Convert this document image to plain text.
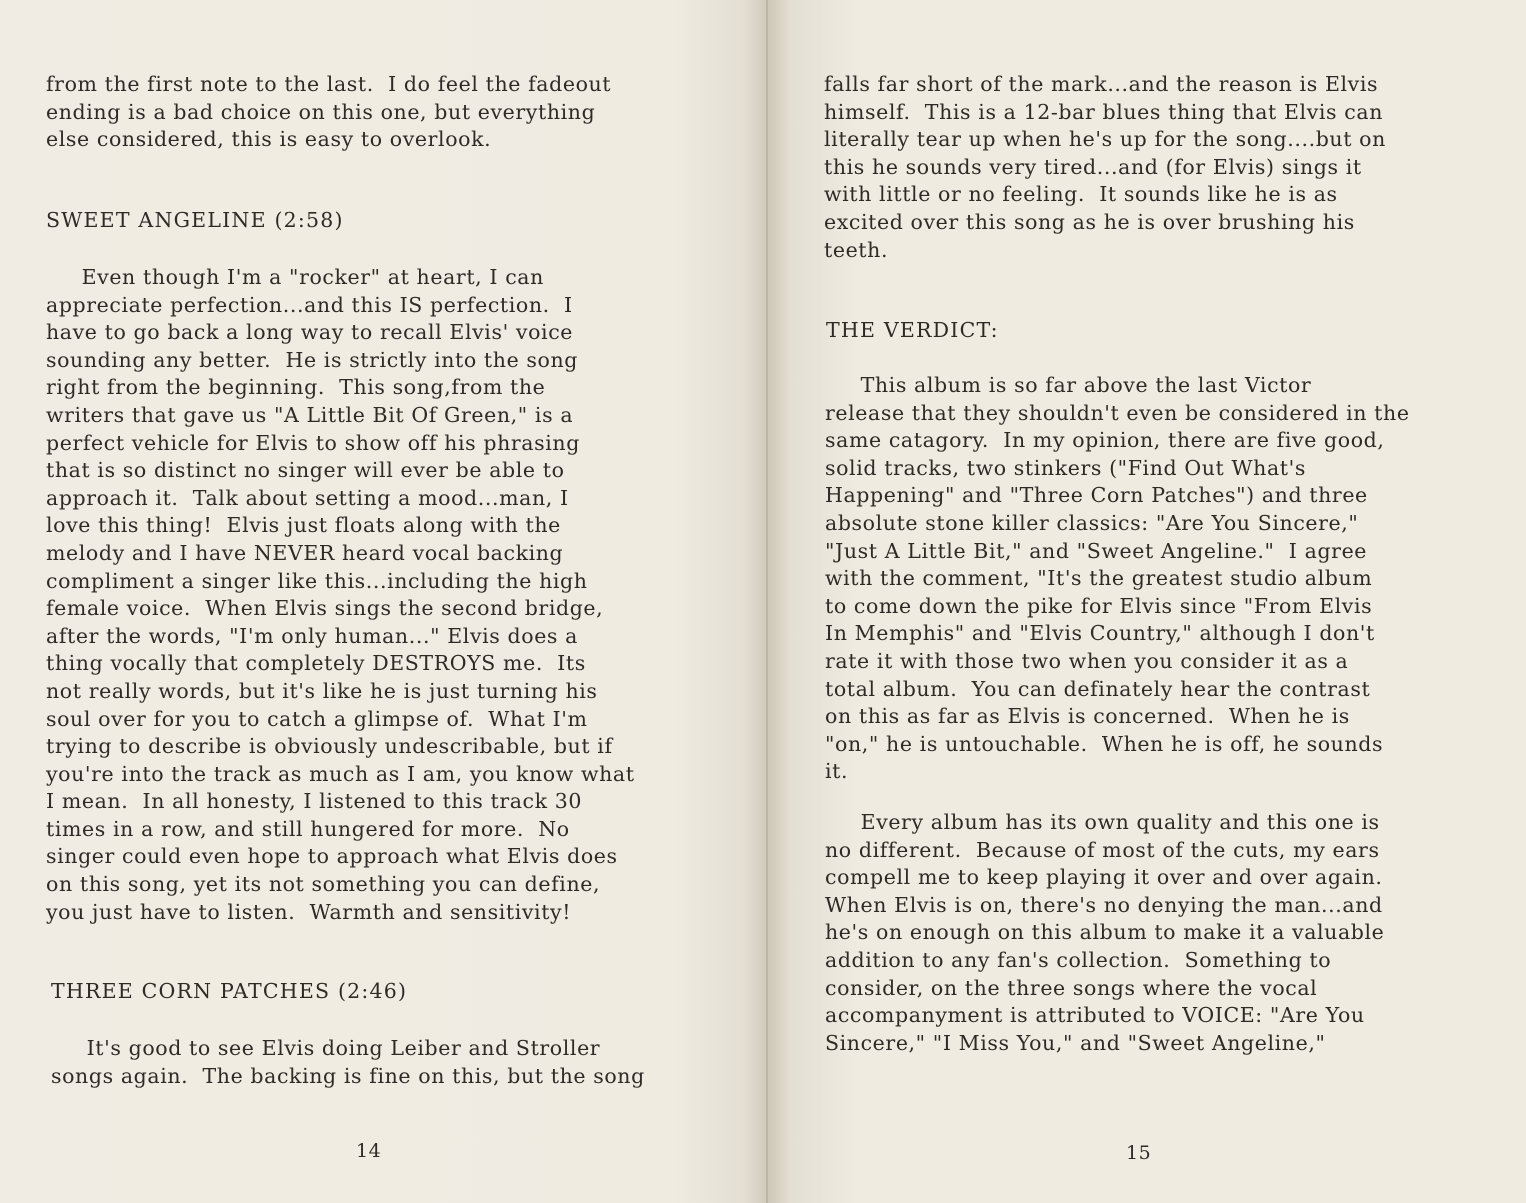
from the first note to the last.  I do feel the fadeout
ending is a bad choice on this one, but everything
else considered, this is easy to overlook.
SWEET ANGELINE (2:58)
Even though I'm a "rocker" at heart, I can
appreciate perfection...and this IS perfection.  I
have to go back a long way to recall Elvis' voice
sounding any better.  He is strictly into the song
right from the beginning.  This song,from the
writers that gave us "A Little Bit Of Green," is a
perfect vehicle for Elvis to show off his phrasing
that is so distinct no singer will ever be able to
approach it.  Talk about setting a mood...man, I
love this thing!  Elvis just floats along with the
melody and I have NEVER heard vocal backing
compliment a singer like this...including the high
female voice.  When Elvis sings the second bridge,
after the words, "I'm only human..." Elvis does a
thing vocally that completely DESTROYS me.  Its
not really words, but it's like he is just turning his
soul over for you to catch a glimpse of.  What I'm
trying to describe is obviously undescribable, but if
you're into the track as much as I am, you know what
I mean.  In all honesty, I listened to this track 30
times in a row, and still hungered for more.  No
singer could even hope to approach what Elvis does
on this song, yet its not something you can define,
you just have to listen.  Warmth and sensitivity!
THREE CORN PATCHES (2:46)
It's good to see Elvis doing Leiber and Stroller
songs again.  The backing is fine on this, but the song
14
falls far short of the mark...and the reason is Elvis
himself.  This is a 12-bar blues thing that Elvis can
literally tear up when he's up for the song....but on
this he sounds very tired...and (for Elvis) sings it
with little or no feeling.  It sounds like he is as
excited over this song as he is over brushing his
teeth.
THE VERDICT:
This album is so far above the last Victor
release that they shouldn't even be considered in the
same catagory.  In my opinion, there are five good,
solid tracks, two stinkers ("Find Out What's
Happening" and "Three Corn Patches") and three
absolute stone killer classics: "Are You Sincere,"
"Just A Little Bit," and "Sweet Angeline."  I agree
with the comment, "It's the greatest studio album
to come down the pike for Elvis since "From Elvis
In Memphis" and "Elvis Country," although I don't
rate it with those two when you consider it as a
total album.  You can definately hear the contrast
on this as far as Elvis is concerned.  When he is
"on," he is untouchable.  When he is off, he sounds
it.
Every album has its own quality and this one is
no different.  Because of most of the cuts, my ears
compell me to keep playing it over and over again.
When Elvis is on, there's no denying the man...and
he's on enough on this album to make it a valuable
addition to any fan's collection.  Something to
consider, on the three songs where the vocal
accompanyment is attributed to VOICE: "Are You
Sincere," "I Miss You," and "Sweet Angeline,"
15
